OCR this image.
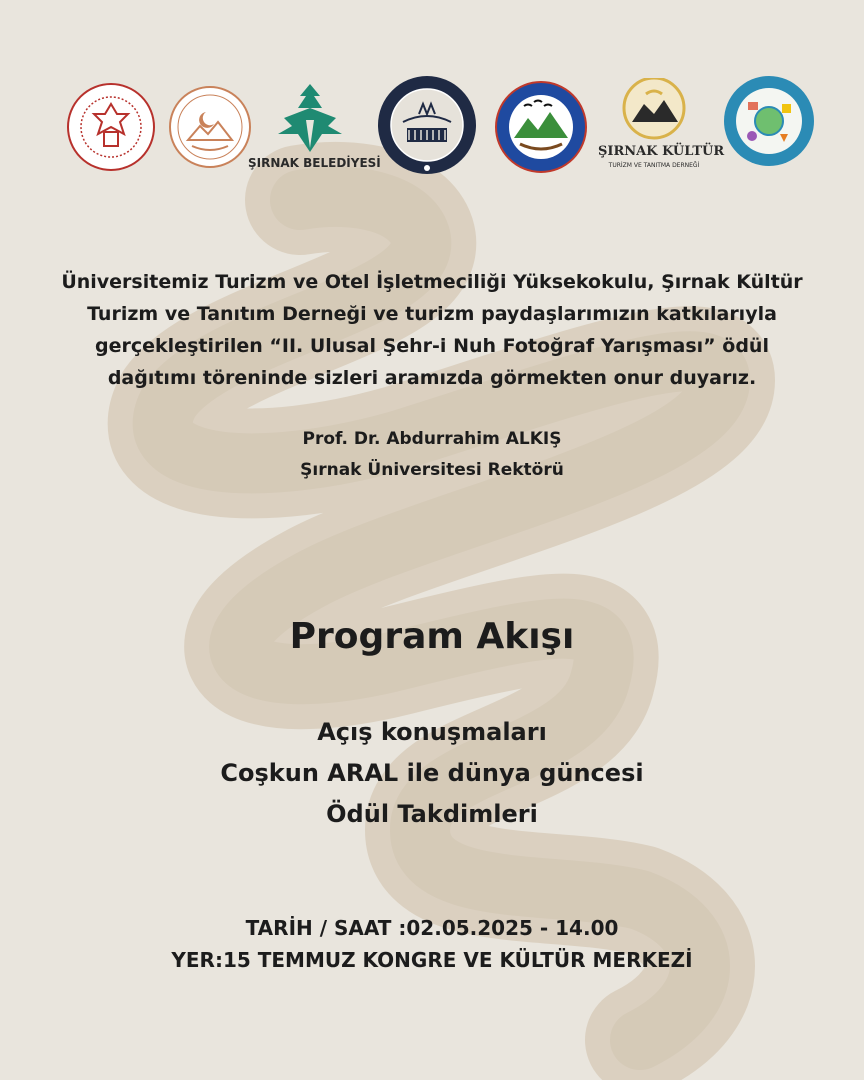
ŞIRNAK BELEDİYESİ
ŞIRNAK KÜLTÜR
TURİZM VE TANITMA DERNEĞİ
Üniversitemiz Turizm ve Otel İşletmeciliği Yüksekokulu, Şırnak Kültür
Turizm ve Tanıtım Derneği ve turizm paydaşlarımızın katkılarıyla
gerçekleştirilen “II. Ulusal Şehr-i Nuh Fotoğraf Yarışması” ödül
dağıtımı töreninde sizleri aramızda görmekten onur duyarız.
Prof. Dr. Abdurrahim ALKIŞ
Şırnak Üniversitesi Rektörü
Program Akışı
Açış konuşmaları
Coşkun ARAL ile dünya güncesi
Ödül Takdimleri
TARİH / SAAT :02.05.2025 - 14.00
YER:15 TEMMUZ KONGRE VE KÜLTÜR MERKEZİ
